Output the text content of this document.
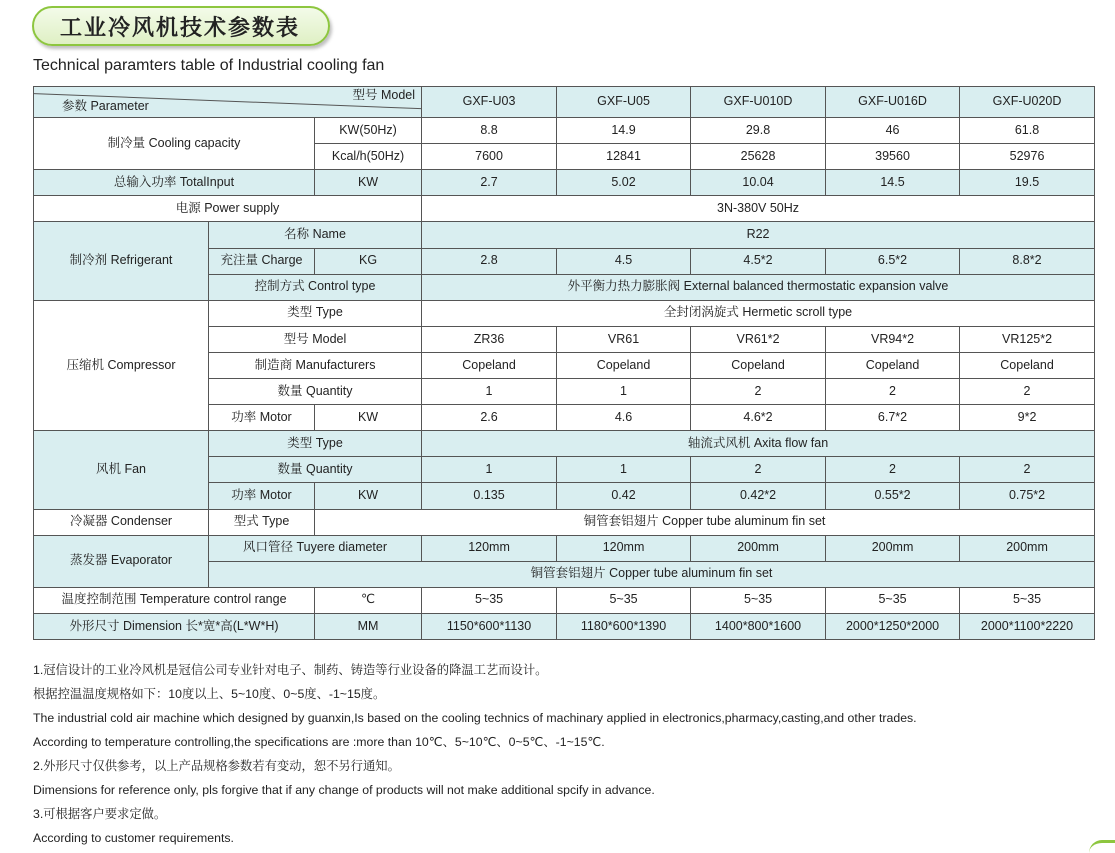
工业冷风机技术参数表
Technical paramters table of Industrial cooling fan
型号 Model
参数 Parameter			GXF-U03	GXF-U05	GXF-U010D	GXF-U016D	GXF-U020D
制冷量 Cooling capacity		KW(50Hz)	8.8	14.9	29.8	46	61.8
		Kcal/h(50Hz)	7600	12841	25628	39560	52976
总输入功率 TotalInput		KW	2.7	5.02	10.04	14.5	19.5
电源 Power supply			3N-380V 50Hz				
制冷剂 Refrigerant	名称 Name		R22				
	充注量 Charge	KG	2.8	4.5	4.5*2	6.5*2	8.8*2
	控制方式 Control type		外平衡力热力膨胀阀 External balanced thermostatic expansion valve				
压缩机 Compressor	类型 Type		全封闭涡旋式 Hermetic scroll type				
	型号 Model		ZR36	VR61	VR61*2	VR94*2	VR125*2
	制造商 Manufacturers		Copeland	Copeland	Copeland	Copeland	Copeland
	数量 Quantity		1	1	2	2	2
	功率 Motor	KW	2.6	4.6	4.6*2	6.7*2	9*2
风机 Fan	类型 Type		轴流式风机 Axita flow fan				
	数量 Quantity		1	1	2	2	2
	功率 Motor	KW	0.135	0.42	0.42*2	0.55*2	0.75*2
冷凝器 Condenser	型式 Type	铜管套铝翅片 Copper tube aluminum fin set					
蒸发器 Evaporator	风口管径 Tuyere diameter		120mm	120mm	200mm	200mm	200mm
	铜管套铝翅片 Copper tube aluminum fin set						
温度控制范围 Temperature control range		℃	5~35	5~35	5~35	5~35	5~35
外形尺寸 Dimension 长*宽*高(L*W*H)		MM	1150*600*1130	1180*600*1390	1400*800*1600	2000*1250*2000	2000*1100*2220
1.冠信设计的工业冷风机是冠信公司专业针对电子、制药、铸造等行业设备的降温工艺而设计。
根据控温温度规格如下：10度以上、5~10度、0~5度、-1~15度。
The industrial cold air machine which designed by guanxin,Is based on the cooling technics of machinary applied in electronics,pharmacy,casting,and other trades.
According to temperature controlling,the specifications are :more than 10℃、5~10℃、0~5℃、-1~15℃.
2.外形尺寸仅供参考，以上产品规格参数若有变动，恕不另行通知。
Dimensions for reference only, pls forgive that if any change of products will not make additional spcify in advance.
3.可根据客户要求定做。
According to customer requirements.
